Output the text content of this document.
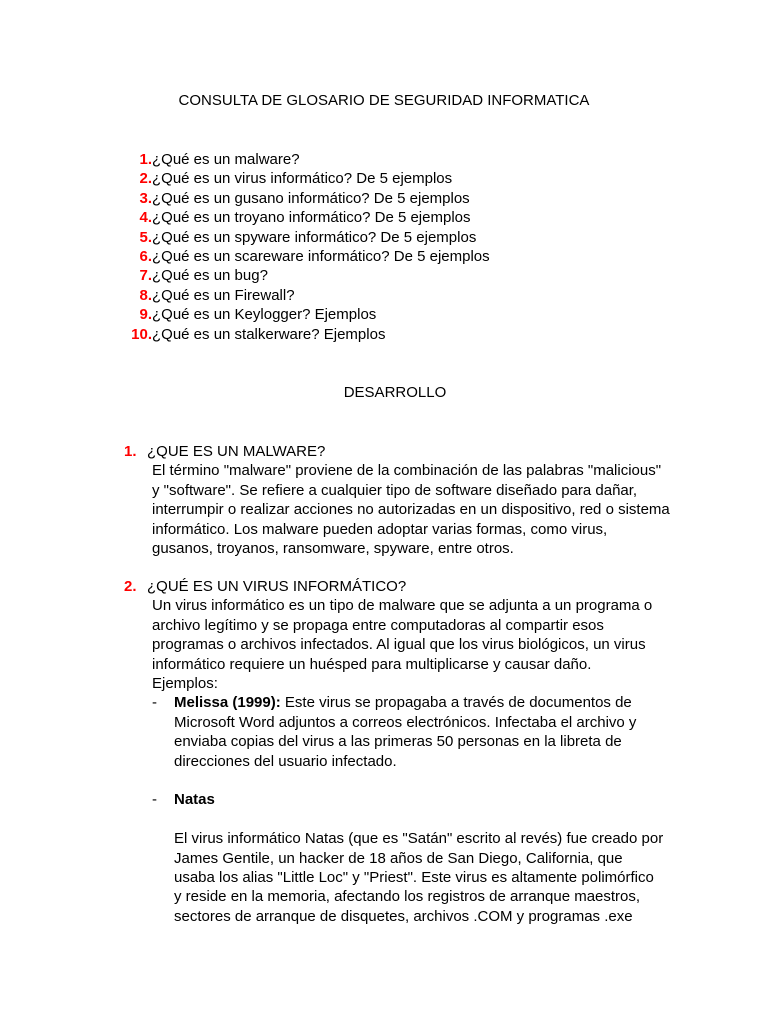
CONSULTA DE GLOSARIO DE SEGURIDAD INFORMATICA
1. ¿Qué es un malware?
2. ¿Qué es un virus informático? De 5 ejemplos
3. ¿Qué es un gusano informático? De 5 ejemplos
4. ¿Qué es un troyano informático? De 5 ejemplos
5. ¿Qué es un spyware informático? De 5 ejemplos
6. ¿Qué es un scareware informático? De 5 ejemplos
7. ¿Qué es un bug?
8. ¿Qué es un Firewall?
9. ¿Qué es un Keylogger? Ejemplos
10. ¿Qué es un stalkerware? Ejemplos
DESARROLLO
1. ¿QUE ES UN MALWARE?
El término "malware" proviene de la combinación de las palabras "malicious" y "software". Se refiere a cualquier tipo de software diseñado para dañar, interrumpir o realizar acciones no autorizadas en un dispositivo, red o sistema informático. Los malware pueden adoptar varias formas, como virus, gusanos, troyanos, ransomware, spyware, entre otros.
2. ¿QUÉ ES UN VIRUS INFORMÁTICO?
Un virus informático es un tipo de malware que se adjunta a un programa o archivo legítimo y se propaga entre computadoras al compartir esos programas o archivos infectados. Al igual que los virus biológicos, un virus informático requiere un huésped para multiplicarse y causar daño.
Ejemplos:
-	Melissa (1999): Este virus se propagaba a través de documentos de Microsoft Word adjuntos a correos electrónicos. Infectaba el archivo y enviaba copias del virus a las primeras 50 personas en la libreta de direcciones del usuario infectado.
-	Natas
El virus informático Natas (que es "Satán" escrito al revés) fue creado por James Gentile, un hacker de 18 años de San Diego, California, que usaba los alias "Little Loc" y "Priest". Este virus es altamente polimórfico y reside en la memoria, afectando los registros de arranque maestros, sectores de arranque de disquetes, archivos .COM y programas .exe
